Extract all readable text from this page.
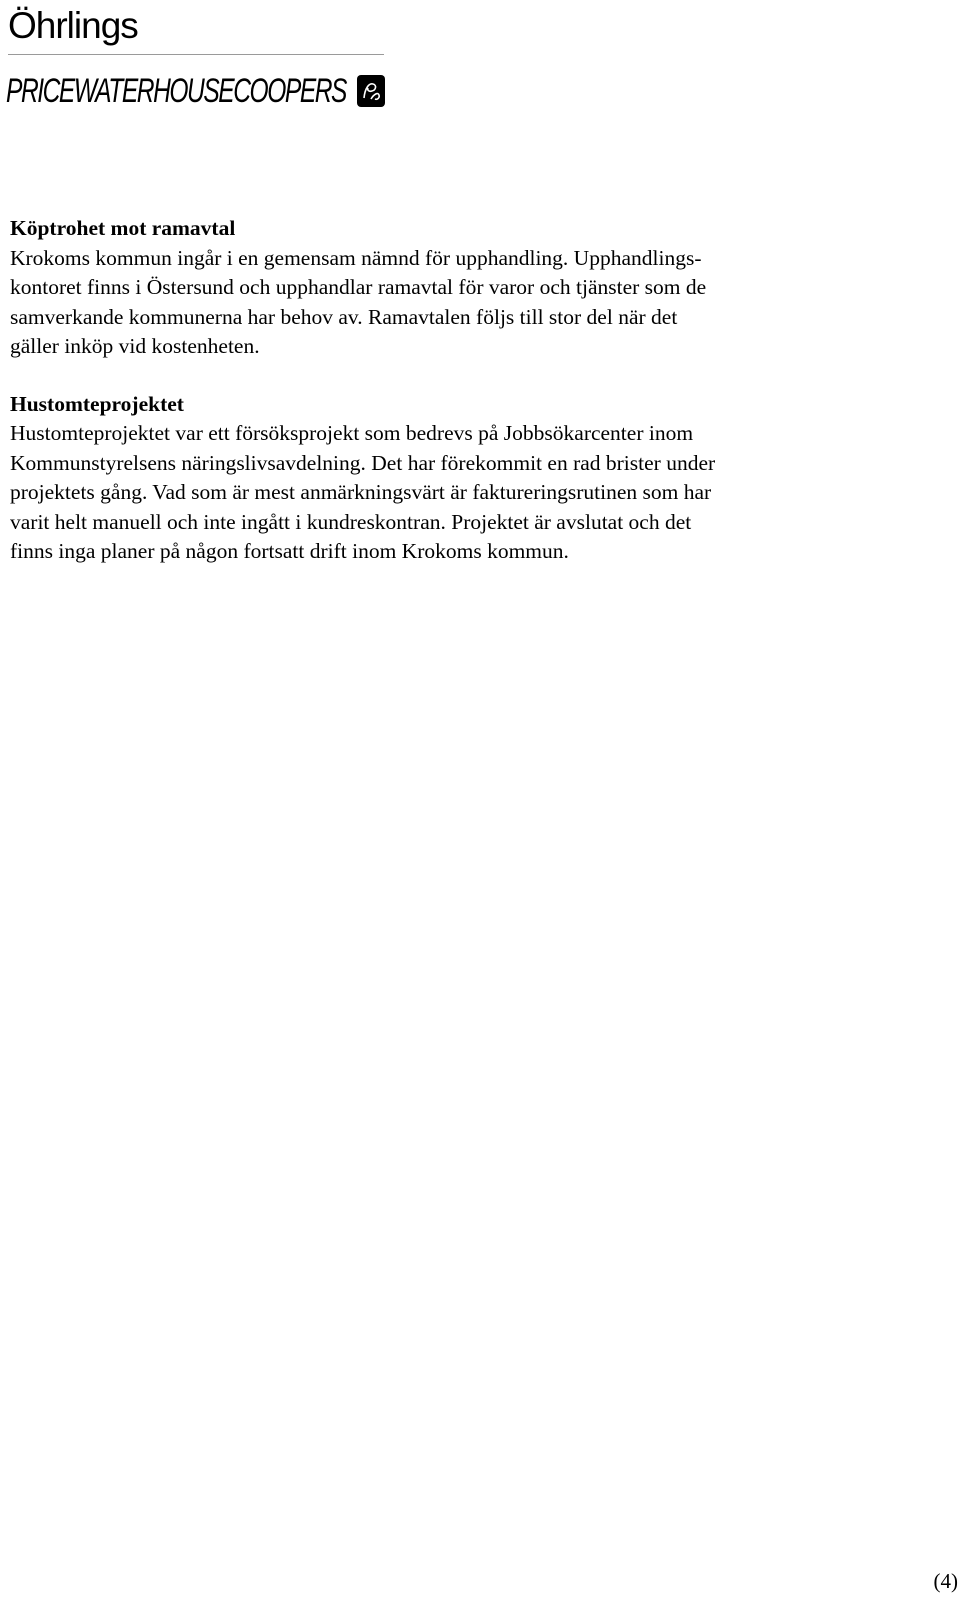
Öhrlings
PRICEWATERHOUSECOOPERS

Köptrohet mot ramavtal

Krokoms kommun ingår i en gemensam nämnd för upphandling. Upphandlings-
kontoret finns i Östersund och upphandlar ramavtal för varor och tjänster som de
samverkande kommunerna har behov av. Ramavtalen följs till stor del när det
gäller inköp vid kostenheten.

Hustomteprojektet

Hustomteprojektet var ett försöksprojekt som bedrevs på Jobbsökarcenter inom
Kommunstyrelsens näringslivsavdelning. Det har förekommit en rad brister under
projektets gång. Vad som är mest anmärkningsvärt är faktureringsrutinen som har
varit helt manuell och inte ingått i kundreskontran. Projektet är avslutat och det
finns inga planer på någon fortsatt drift inom Krokoms kommun.

(4)
